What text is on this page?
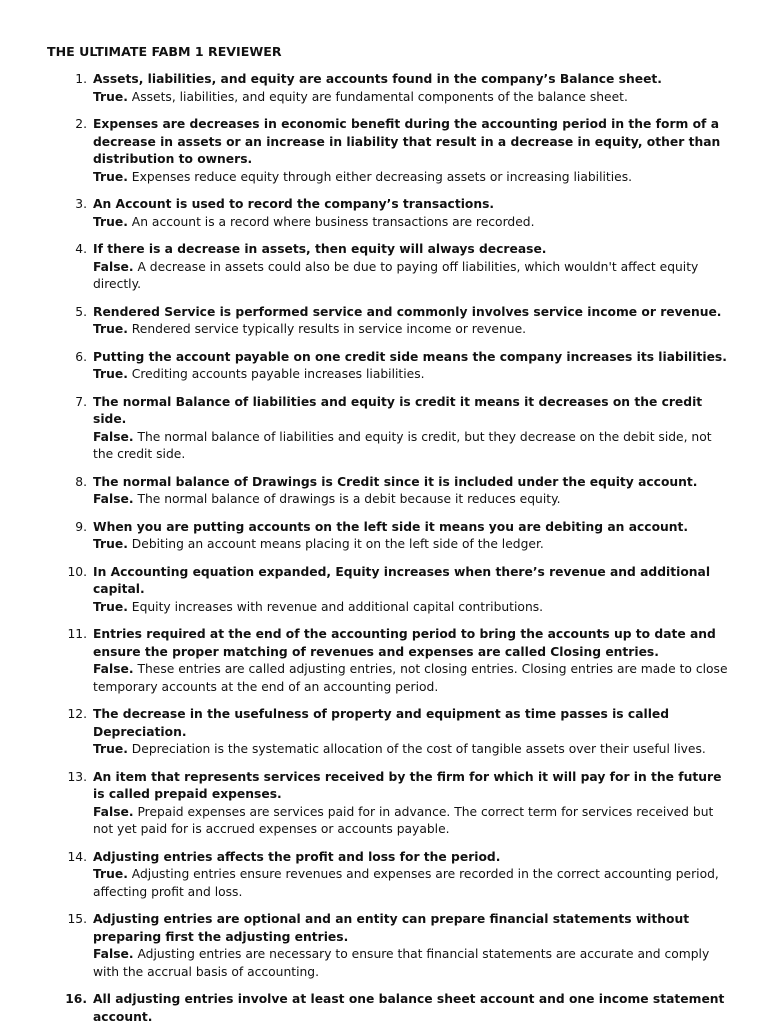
THE ULTIMATE FABM 1 REVIEWER
1. Assets, liabilities, and equity are accounts found in the company’s Balance sheet.
True. Assets, liabilities, and equity are fundamental components of the balance sheet.
2. Expenses are decreases in economic benefit during the accounting period in the form of a decrease in assets or an increase in liability that result in a decrease in equity, other than distribution to owners.
True. Expenses reduce equity through either decreasing assets or increasing liabilities.
3. An Account is used to record the company’s transactions.
True. An account is a record where business transactions are recorded.
4. If there is a decrease in assets, then equity will always decrease.
False. A decrease in assets could also be due to paying off liabilities, which wouldn't affect equity directly.
5. Rendered Service is performed service and commonly involves service income or revenue.
True. Rendered service typically results in service income or revenue.
6. Putting the account payable on one credit side means the company increases its liabilities.
True. Crediting accounts payable increases liabilities.
7. The normal Balance of liabilities and equity is credit it means it decreases on the credit side.
False. The normal balance of liabilities and equity is credit, but they decrease on the debit side, not the credit side.
8. The normal balance of Drawings is Credit since it is included under the equity account.
False. The normal balance of drawings is a debit because it reduces equity.
9. When you are putting accounts on the left side it means you are debiting an account.
True. Debiting an account means placing it on the left side of the ledger.
10. In Accounting equation expanded, Equity increases when there’s revenue and additional capital.
True. Equity increases with revenue and additional capital contributions.
11. Entries required at the end of the accounting period to bring the accounts up to date and ensure the proper matching of revenues and expenses are called Closing entries.
False. These entries are called adjusting entries, not closing entries. Closing entries are made to close temporary accounts at the end of an accounting period.
12. The decrease in the usefulness of property and equipment as time passes is called Depreciation.
True. Depreciation is the systematic allocation of the cost of tangible assets over their useful lives.
13. An item that represents services received by the firm for which it will pay for in the future is called prepaid expenses.
False. Prepaid expenses are services paid for in advance. The correct term for services received but not yet paid for is accrued expenses or accounts payable.
14. Adjusting entries affects the profit and loss for the period.
True. Adjusting entries ensure revenues and expenses are recorded in the correct accounting period, affecting profit and loss.
15. Adjusting entries are optional and an entity can prepare financial statements without preparing first the adjusting entries.
False. Adjusting entries are necessary to ensure that financial statements are accurate and comply with the accrual basis of accounting.
16. All adjusting entries involve at least one balance sheet account and one income statement account.
